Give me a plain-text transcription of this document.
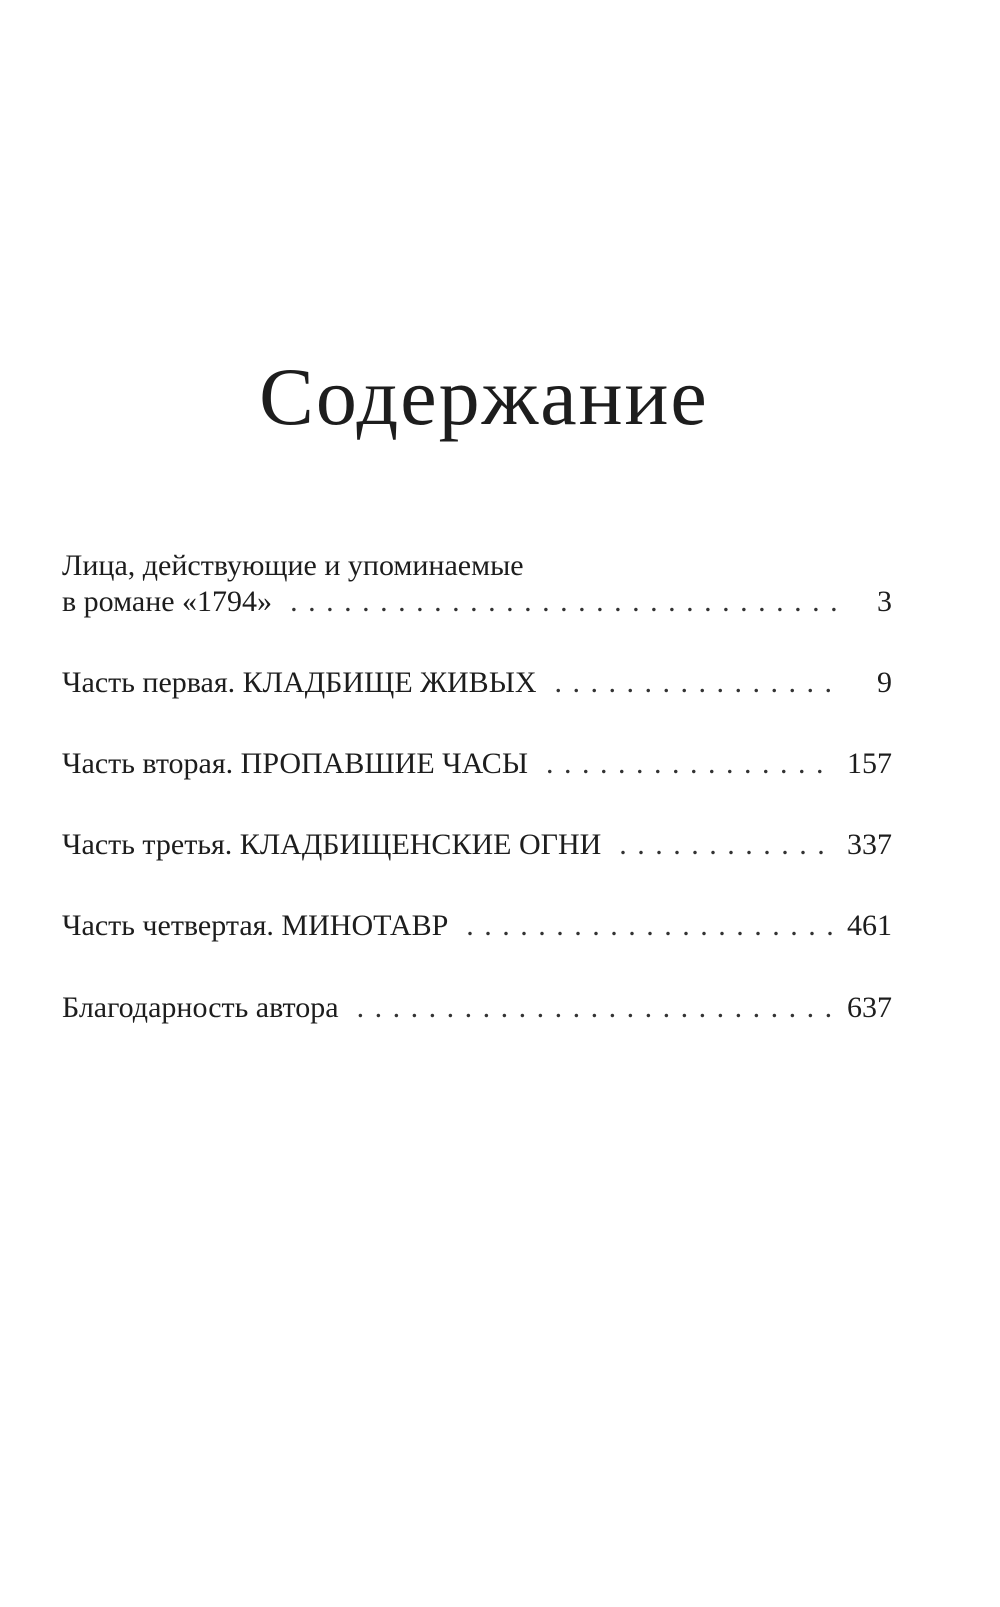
Содержание
Лица, действующие и упоминаемые
в романе «1794» . . .	3
Часть первая. КЛАДБИЩЕ ЖИВЫХ . . .	9
Часть вторая. ПРОПАВШИЕ ЧАСЫ . . .	157
Часть третья. КЛАДБИЩЕНСКИЕ ОГНИ . . .	337
Часть четвертая. МИНОТАВР . . .	461
Благодарность автора . . .	637
